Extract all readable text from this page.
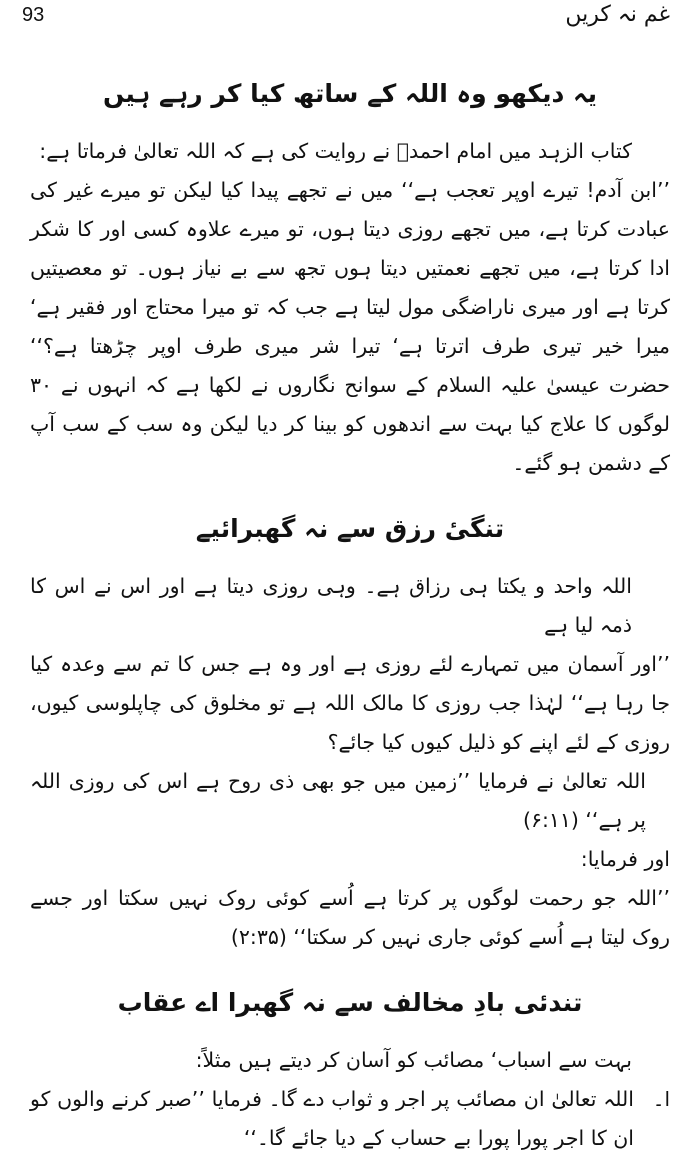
93	غم نہ کریں
یہ دیکھو وہ اللہ کے ساتھ کیا کر رہے ہیں

کتاب الزہد میں امام احمدؒ نے روایت کی ہے کہ اللہ تعالیٰ فرماتا ہے:

’’ابن آدم! تیرے اوپر تعجب ہے‘‘ میں نے تجھے پیدا کیا لیکن تو میرے غیر کی عبادت کرتا ہے، میں تجھے روزی دیتا ہوں، تو میرے علاوہ کسی اور کا شکر ادا کرتا ہے، میں تجھے نعمتیں دیتا ہوں تجھ سے بے نیاز ہوں۔ تو معصیتیں کرتا ہے اور میری ناراضگی مول لیتا ہے جب کہ تو میرا محتاج اور فقیر ہے‘ میرا خیر تیری طرف اترتا ہے‘ تیرا شر میری طرف اوپر چڑھتا ہے؟‘‘ حضرت عیسیٰ علیہ السلام کے سوانح نگاروں نے لکھا ہے کہ انہوں نے ۳۰ لوگوں کا علاج کیا بہت سے اندھوں کو بینا کر دیا لیکن وہ سب کے سب آپ کے دشمن ہو گئے۔

تنگیٔ رزق سے نہ گھبرائیے

اللہ واحد و یکتا ہی رزاق ہے۔ وہی روزی دیتا ہے اور اس نے اس کا ذمہ لیا ہے

’’اور آسمان میں تمہارے لئے روزی ہے اور وہ ہے جس کا تم سے وعدہ کیا جا رہا ہے‘‘ لہٰذا جب روزی کا مالک اللہ ہے تو مخلوق کی چاپلوسی کیوں، روزی کے لئے اپنے کو ذلیل کیوں کیا جائے؟

اللہ تعالیٰ نے فرمایا ’’زمین میں جو بھی ذی روح ہے اس کی روزی اللہ پر ہے‘‘ (۶:۱۱)

اور فرمایا:

’’اللہ جو رحمت لوگوں پر کرتا ہے اُسے کوئی روک نہیں سکتا اور جسے روک لیتا ہے اُسے کوئی جاری نہیں کر سکتا‘‘ (۲:۳۵)

تندئی بادِ مخالف سے نہ گھبرا اے عقاب

بہت سے اسباب‘ مصائب کو آسان کر دیتے ہیں مثلاً:

ا۔

اللہ تعالیٰ ان مصائب پر اجر و ثواب دے گا۔ فرمایا ’’صبر کرنے والوں کو ان کا اجر پورا پورا بے حساب کے دیا جائے گا۔‘‘
